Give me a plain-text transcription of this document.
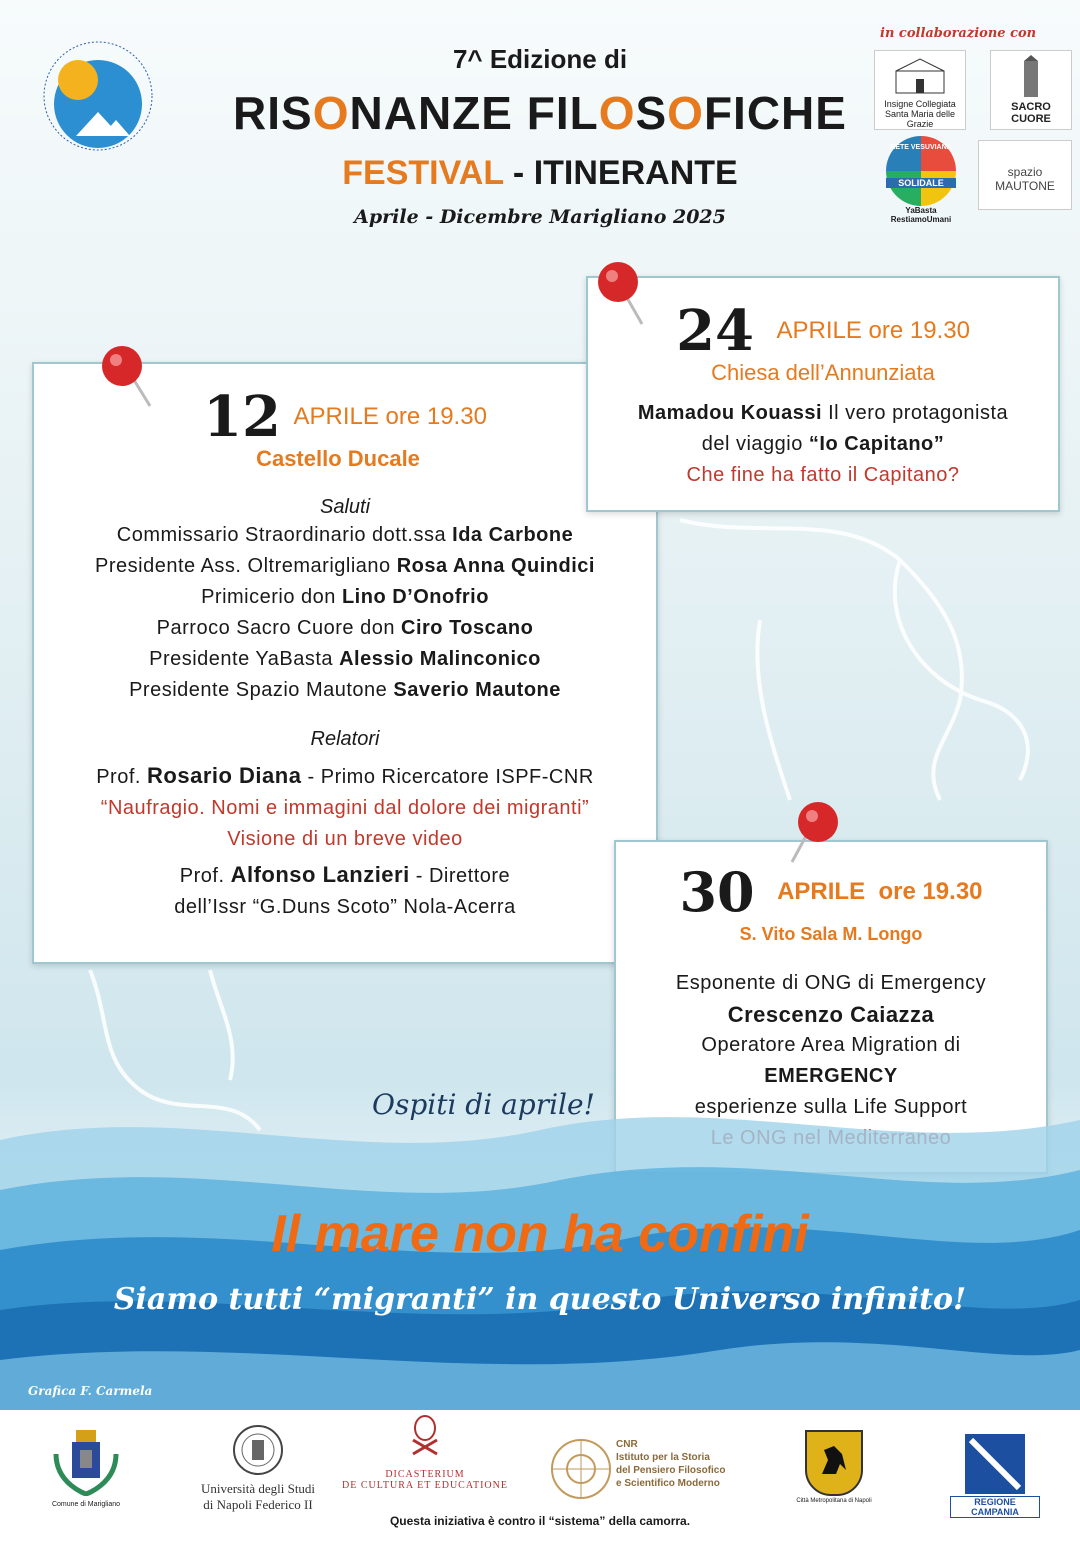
7^ Edizione di
RISONANZE FILOSOFICHE
FESTIVAL - ITINERANTE
Aprile - Dicembre Marigliano 2025
in collaborazione con
Insigne Collegiata Santa Maria delle Grazie
SACRO CUORE
SOLIDALE
RETE VESUVIANA
YaBasta RestiamoUmani
spazio MAUTONE
12 APRILE ore 19.30
Castello Ducale
Saluti
Commissario Straordinario dott.ssa Ida Carbone
Presidente Ass. Oltremarigliano Rosa Anna Quindici
Primicerio don Lino D’Onofrio
Parroco Sacro Cuore don Ciro Toscano
Presidente YaBasta Alessio Malinconico
Presidente Spazio Mautone Saverio Mautone
Relatori
Prof. Rosario Diana - Primo Ricercatore ISPF-CNR
“Naufragio. Nomi e immagini dal dolore dei migranti”
Visione di un breve video
Prof. Alfonso Lanzieri - Direttore
dell’Issr “G.Duns Scoto” Nola-Acerra
24 APRILE ore 19.30
Chiesa dell’Annunziata
Mamadou Kouassi Il vero protagonista
del viaggio “Io Capitano”
Che fine ha fatto il Capitano?
30 APRILE  ore 19.30
S. Vito Sala M. Longo
Esponente di ONG di Emergency
Crescenzo Caiazza
Operatore Area Migration di
EMERGENCY
esperienze sulla Life Support
Ospiti di aprile!
Il mare non ha confini
Siamo tutti “migranti” in questo Universo infinito!
Grafica F. Carmela
Comune di Marigliano
Università degli Studi
di Napoli Federico II
DICASTERIUM
DE CULTURA ET EDUCATIONE
CNR
Istituto per la Storia
del Pensiero Filosofico
e Scientifico Moderno
Città Metropolitana di Napoli	REGIONE CAMPANIA
Questa iniziativa è contro il “sistema” della camorra.
